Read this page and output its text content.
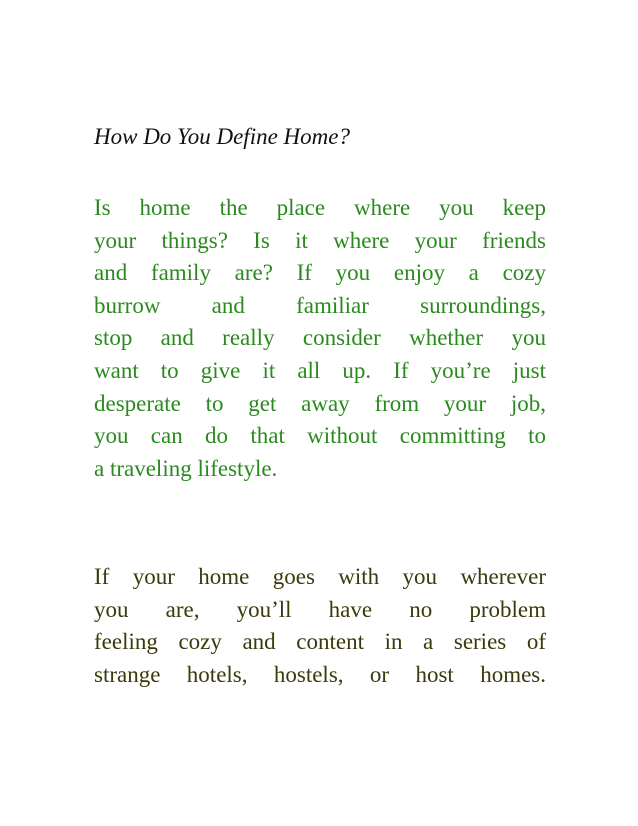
How Do You Define Home?
Is home the place where you keep
your things? Is it where your friends
and family are? If you enjoy a cozy
burrow and familiar surroundings,
stop and really consider whether you
want to give it all up. If you’re just
desperate to get away from your job,
you can do that without committing to
a traveling lifestyle.
If your home goes with you wherever
you are, you’ll have no problem
feeling cozy and content in a series of
strange hotels, hostels, or host homes.
